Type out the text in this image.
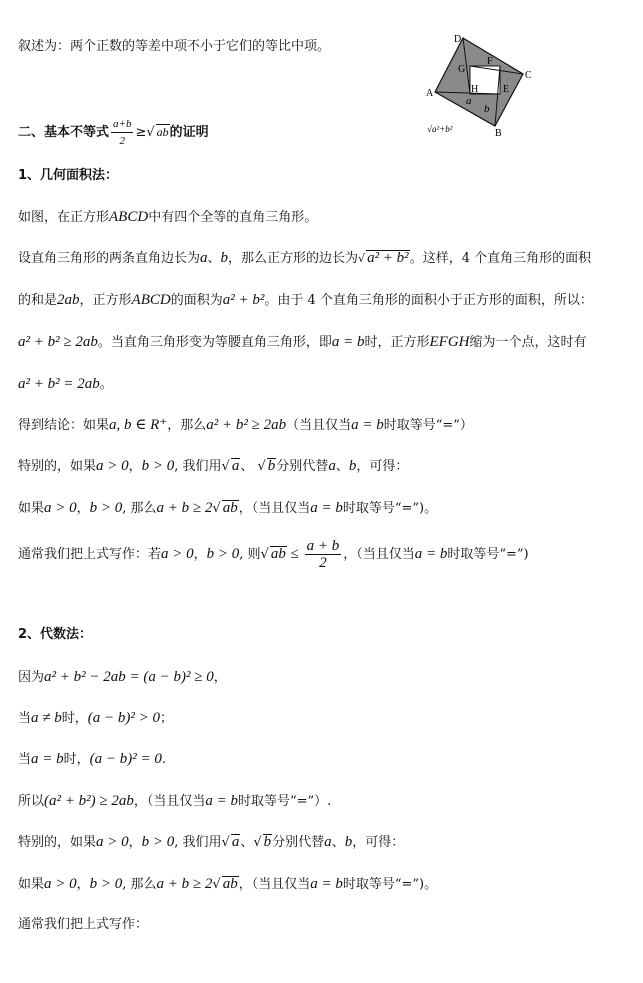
叙述为：两个正数的等差中项不小于它们的等比中项。	D
C
A
B
G
F
H E
a
b
√a²+b²
二、基本不等式 $\frac{a+b}{2}$ ≥√ ab的证明
1、几何面积法：
如图，在正方形ABCD中有四个全等的直角三角形。
设直角三角形的两条直角边长为a、b，那么正方形的边长为√ a² + b²。这样，4 个直角三角形的面积
的和是2ab，正方形ABCD的面积为a² + b²。由于 4 个直角三角形的面积小于正方形的面积，所以：
a² + b² ≥ 2ab。当直角三角形变为等腰直角三角形，即a = b时，正方形EFGH缩为一个点，这时有
a² + b² = 2ab。
得到结论：如果a, b ∈ R⁺，那么a² + b² ≥ 2ab（当且仅当a = b时取等号“=”）
特别的，如果a > 0，b > 0, 我们用√ a、 √ b分别代替a、b，可得：
如果a > 0，b > 0, 那么a + b ≥ 2√ ab，（当且仅当a = b时取等号“=”)。
通常我们把上式写作：若a > 0，b > 0, 则√ ab ≤ $\frac{a + b}{2}$ ，（当且仅当a = b时取等号“=”)
2、代数法：
因为a² + b² − 2ab = (a − b)² ≥ 0，
当a ≠ b时，(a − b)² > 0；
当a = b时，(a − b)² = 0.
所以(a² + b²) ≥ 2ab，（当且仅当a = b时取等号“=”）.
特别的，如果a > 0，b > 0, 我们用√ a、√ b分别代替a、b，可得：
如果a > 0，b > 0, 那么a + b ≥ 2√ ab，（当且仅当a = b时取等号“=”)。
通常我们把上式写作：
